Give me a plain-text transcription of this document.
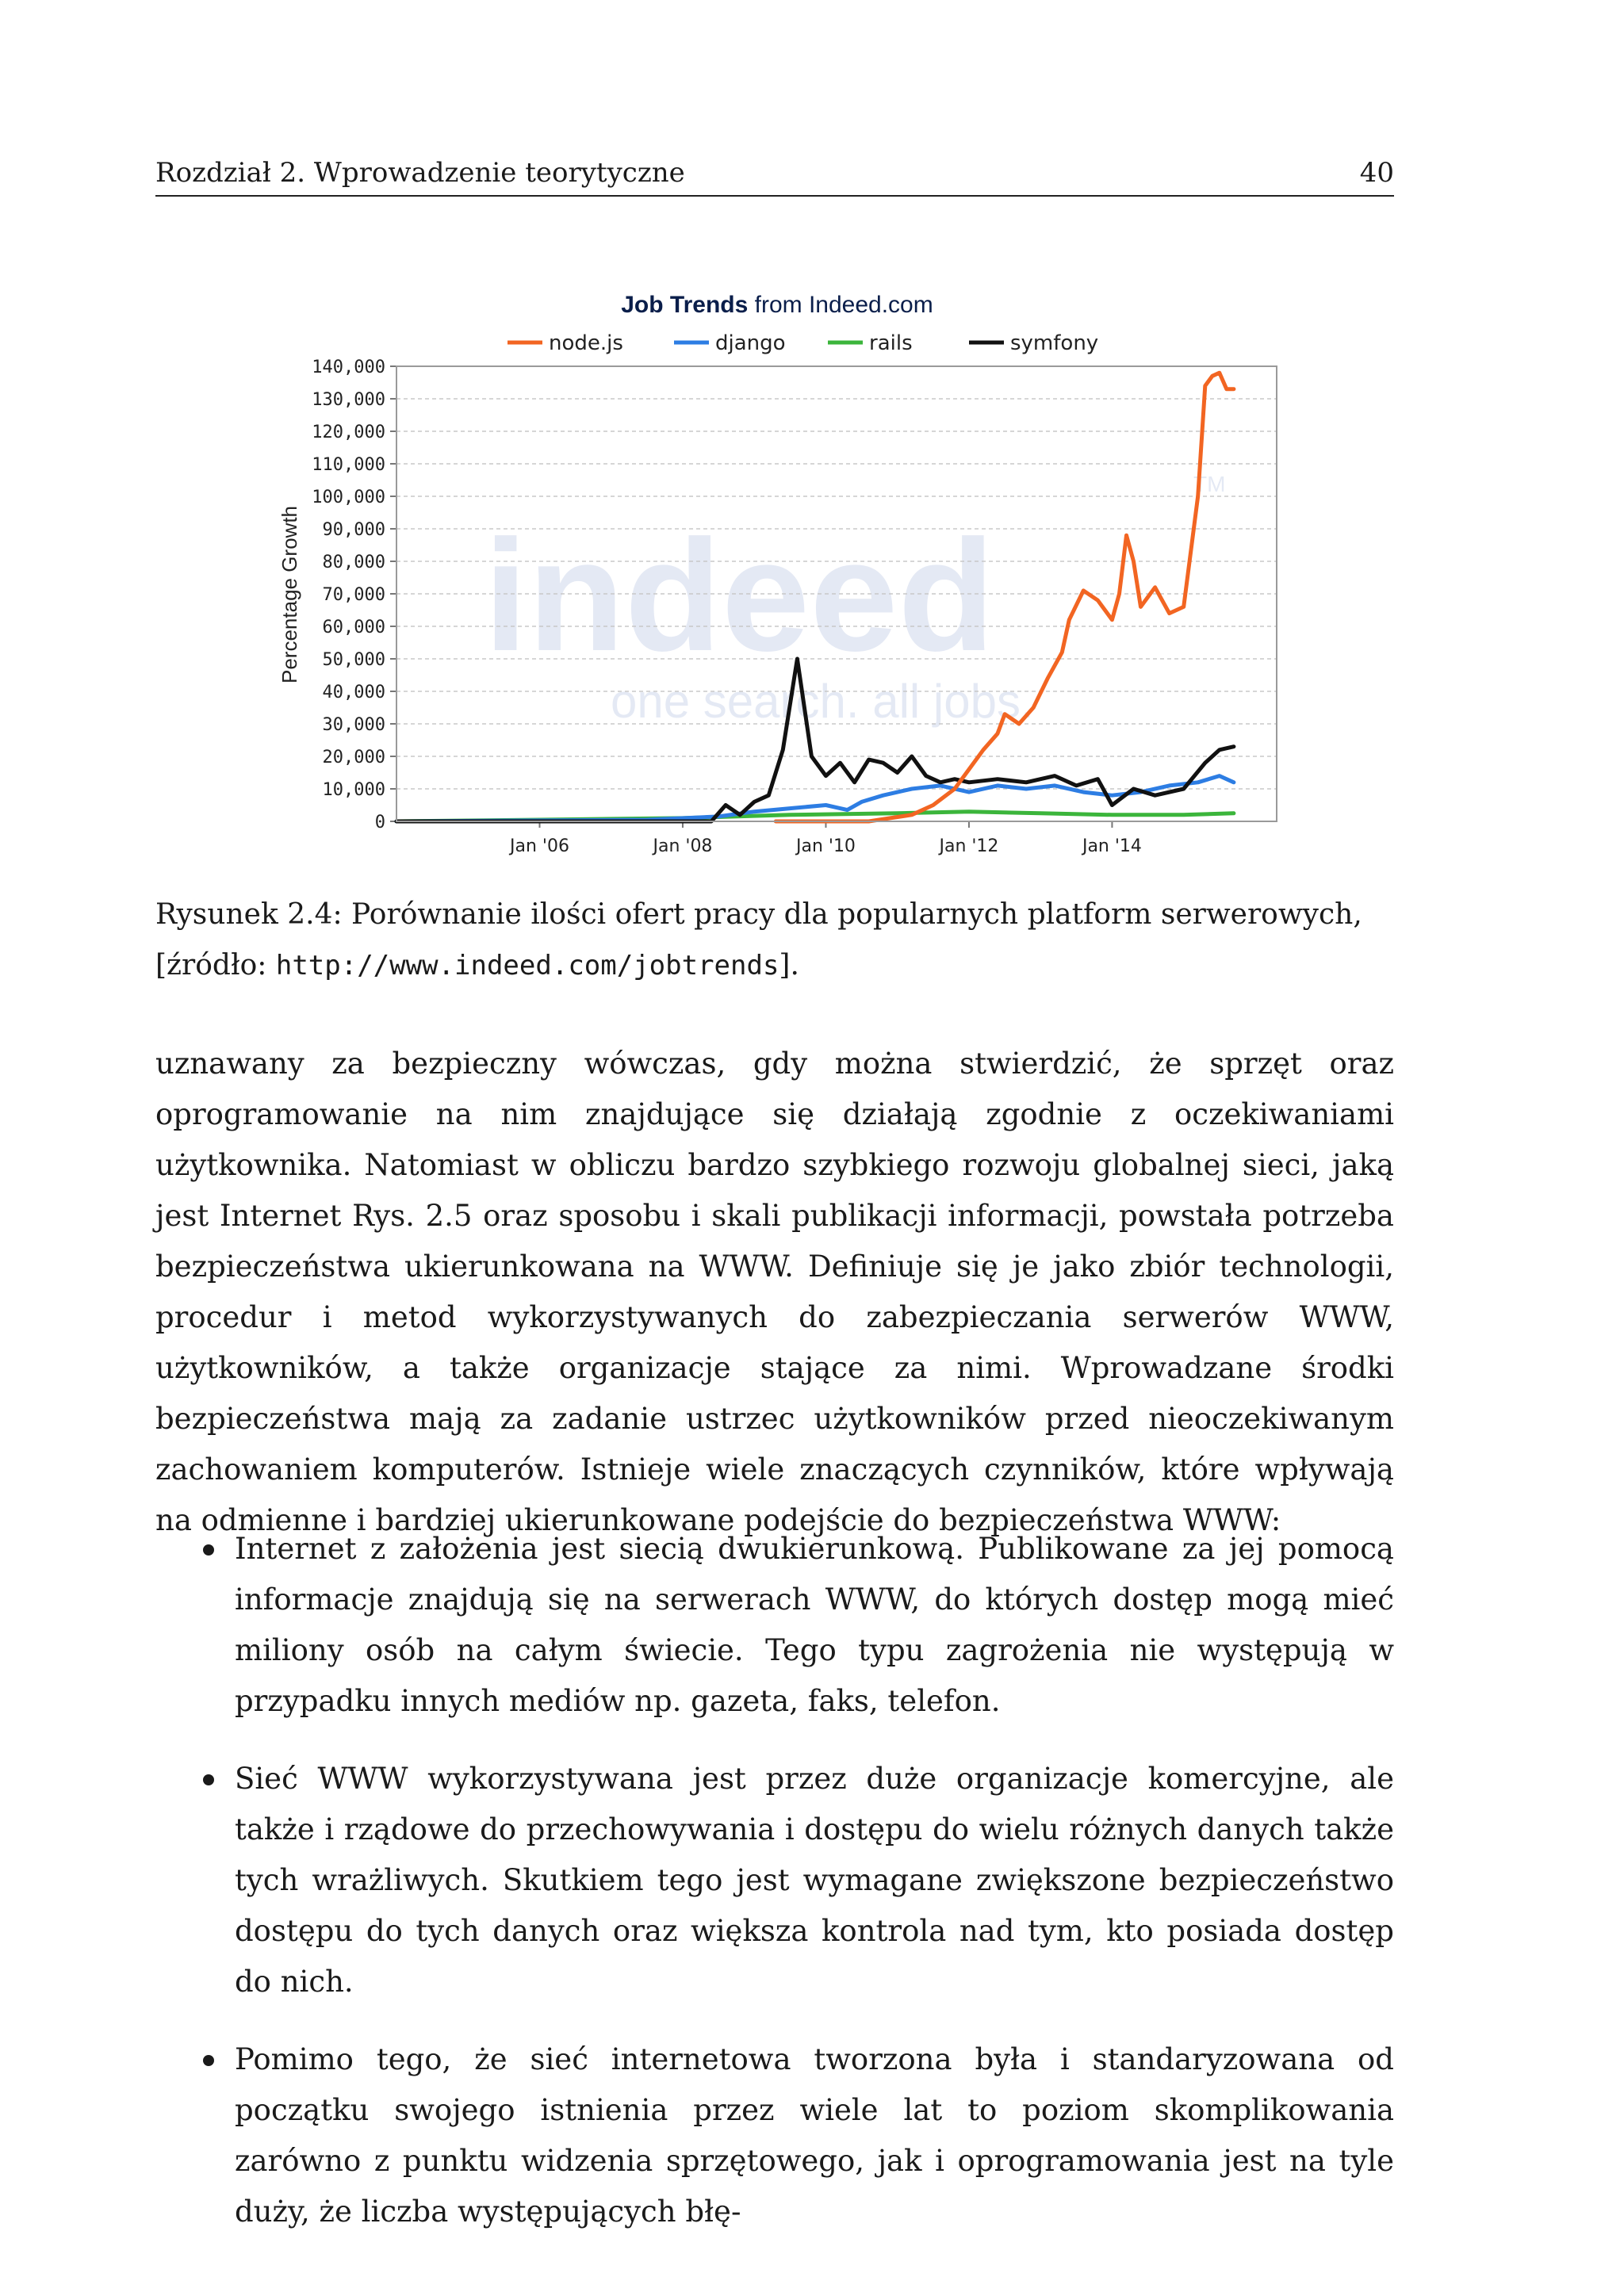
Rozdział 2. Wprowadzenie teorytyczne	40
Job Trends from Indeed.com
node.js	django	rails	symfony
indeed
TM
one search. all jobs.
Percentage Growth
0
10,000
20,000
30,000
40,000
50,000
60,000
70,000
80,000
90,000
100,000
110,000
120,000
130,000
140,000
Jan '06	Jan '08	Jan '10	Jan '12	Jan '14
Rysunek 2.4: Porównanie ilości ofert pracy dla popularnych platform serwerowych, [źródło: http://www.indeed.com/jobtrends].

uznawany za bezpieczny wówczas, gdy można stwierdzić, że sprzęt oraz oprogramowanie na nim znajdujące się działają zgodnie z oczekiwaniami użytkownika. Natomiast w obliczu bardzo szybkiego rozwoju globalnej sieci, jaką jest Internet Rys. 2.5 oraz sposobu i skali publikacji informacji, powstała potrzeba bezpieczeństwa ukierunkowana na WWW. Definiuje się je jako zbiór technologii, procedur i metod wykorzystywanych do zabezpieczania serwerów WWW, użytkowników, a także organizacje stające za nimi. Wprowadzane środki bezpieczeństwa mają za zadanie ustrzec użytkowników przed nieoczekiwanym zachowaniem komputerów. Istnieje wiele znaczących czynników, które wpływają na odmienne i bardziej ukierunkowane podejście do bezpieczeństwa WWW:

Internet z założenia jest siecią dwukierunkową. Publikowane za jej pomocą informacje znajdują się na serwerach WWW, do których dostęp mogą mieć miliony osób na całym świecie. Tego typu zagrożenia nie występują w przypadku innych mediów np. gazeta, faks, telefon.
Sieć WWW wykorzystywana jest przez duże organizacje komercyjne, ale także i rządowe do przechowywania i dostępu do wielu różnych danych także tych wrażliwych. Skutkiem tego jest wymagane zwiększone bezpieczeństwo dostępu do tych danych oraz większa kontrola nad tym, kto posiada dostęp do nich.
Pomimo tego, że sieć internetowa tworzona była i standaryzowana od początku swojego istnienia przez wiele lat to poziom skomplikowania zarówno z punktu widzenia sprzętowego, jak i oprogramowania jest na tyle duży, że liczba występujących błę-
